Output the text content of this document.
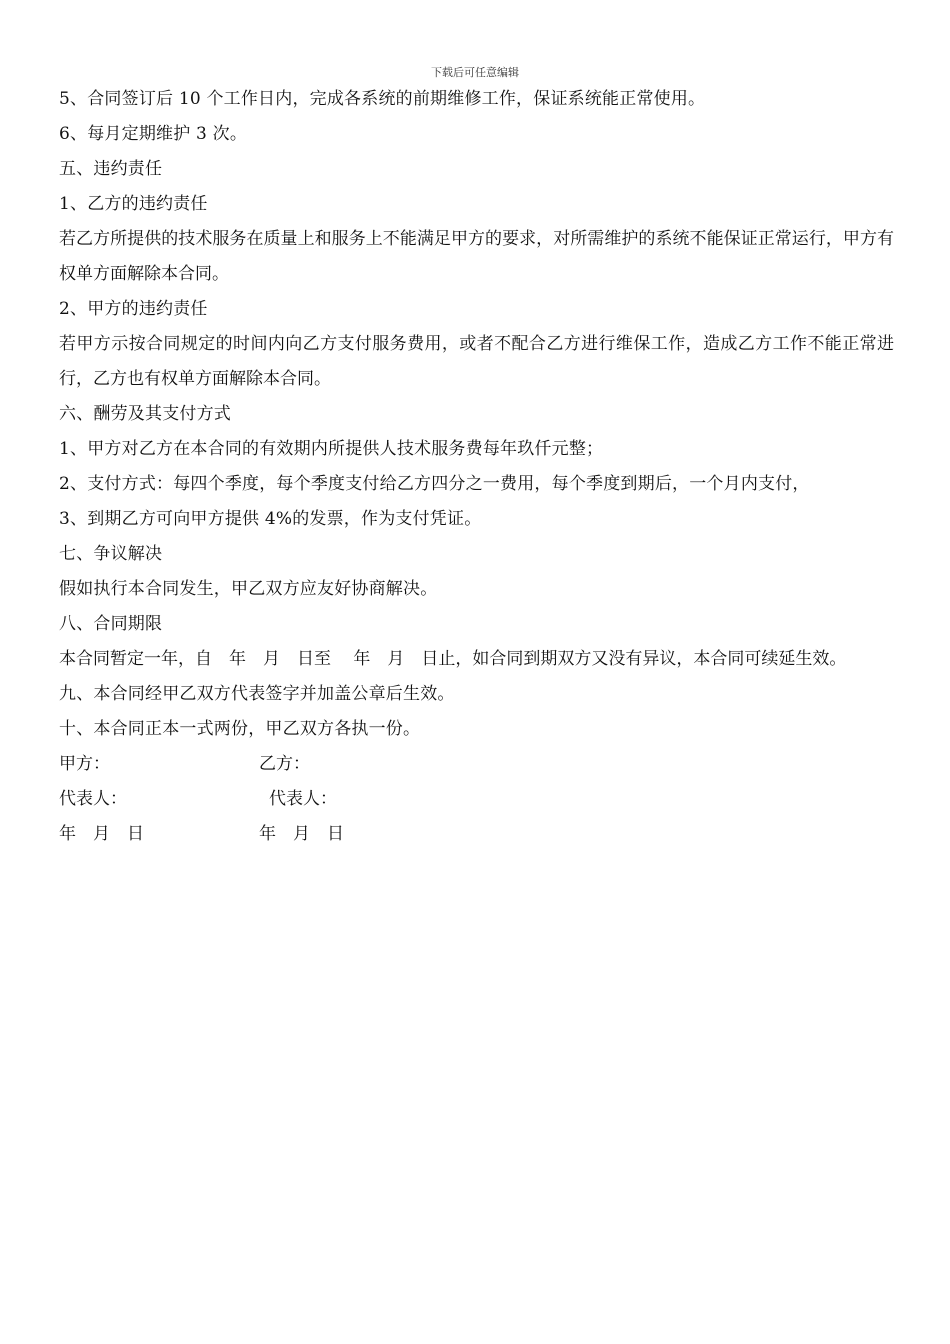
下载后可任意编辑
5、合同签订后 10 个工作日内，完成各系统的前期维修工作，保证系统能正常使用。
6、每月定期维护 3 次。
五、违约责任
1、乙方的违约责任
若乙方所提供的技术服务在质量上和服务上不能满足甲方的要求，对所需维护的系统不能保证正常运行，甲方有权单方面解除本合同。
2、甲方的违约责任
若甲方示按合同规定的时间内向乙方支付服务费用，或者不配合乙方进行维保工作，造成乙方工作不能正常进行，乙方也有权单方面解除本合同。
六、酬劳及其支付方式
1、甲方对乙方在本合同的有效期内所提供人技术服务费每年玖仟元整；
2、支付方式：每四个季度，每个季度支付给乙方四分之一费用，每个季度到期后，一个月内支付，
3、到期乙方可向甲方提供 4%的发票，作为支付凭证。
七、争议解决
假如执行本合同发生，甲乙双方应友好协商解决。
八、合同期限
本合同暂定一年，自　年　月　日至　 年　月　日止，如合同到期双方又没有异议，本合同可续延生效。
九、本合同经甲乙双方代表签字并加盖公章后生效。
十、本合同正本一式两份，甲乙双方各执一份。
甲方：	乙方：
代表人：	代表人：
年　月　日	年　月　日
